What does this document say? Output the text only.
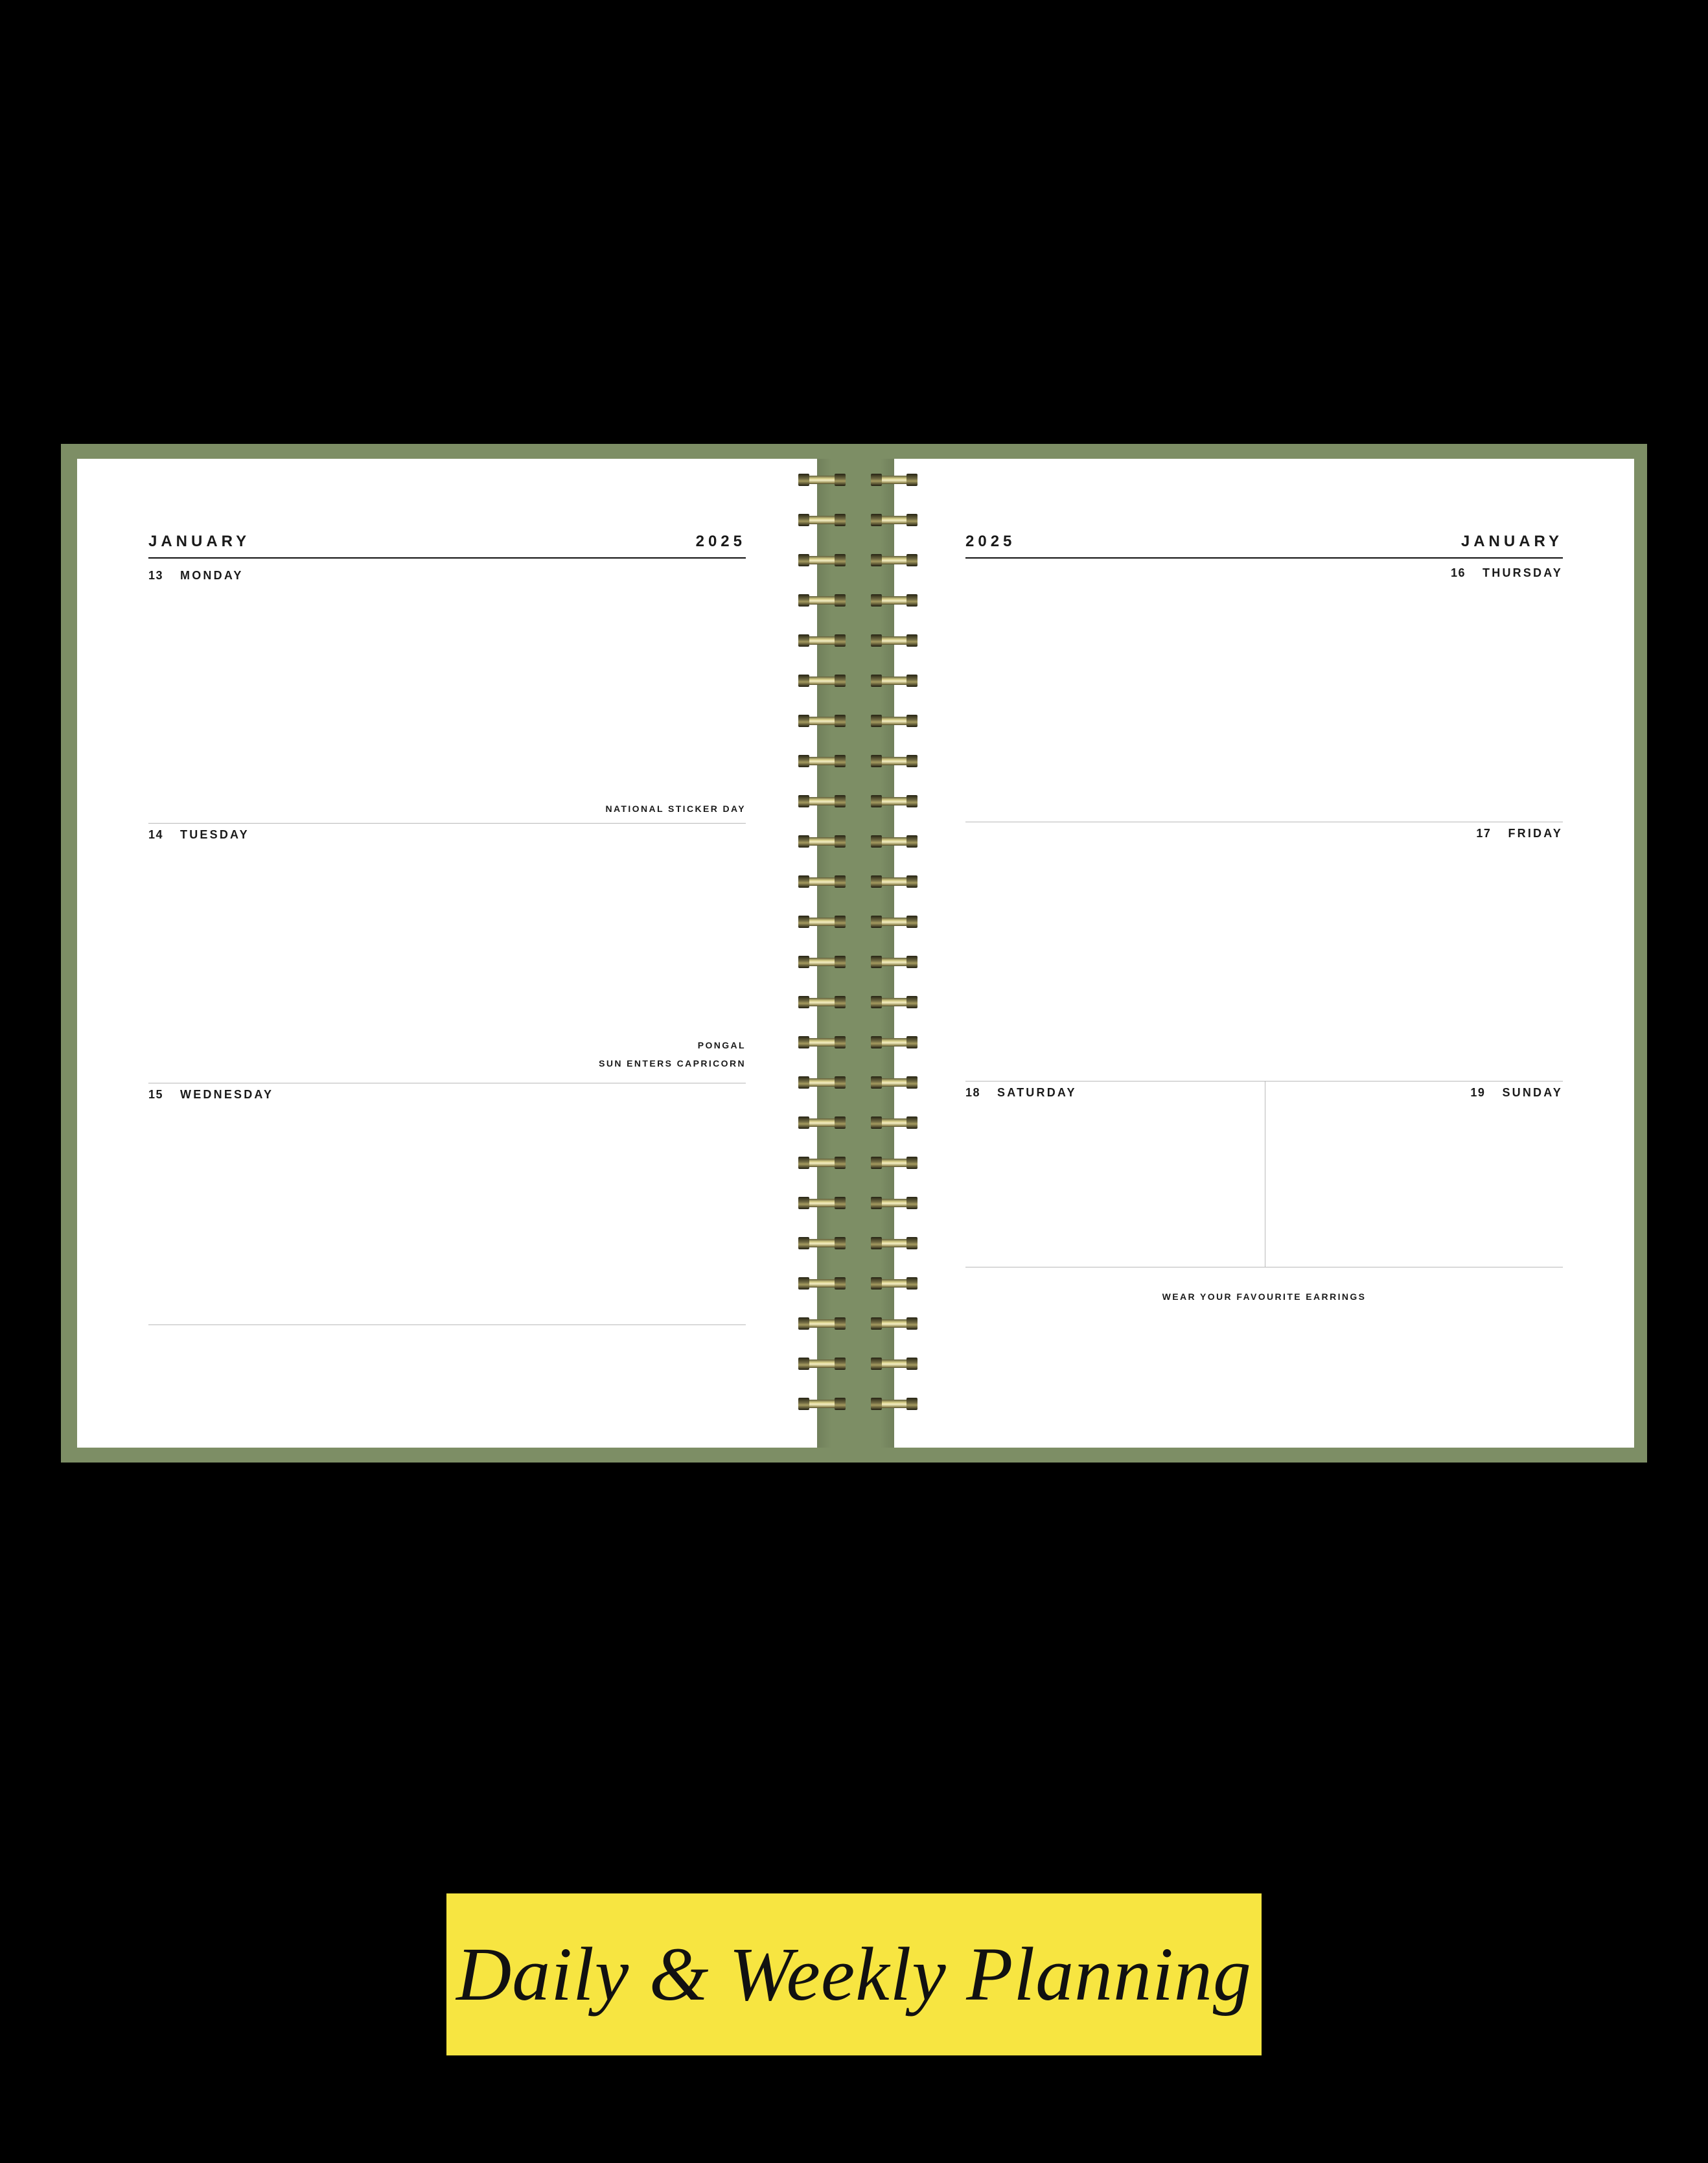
JANUARY	2025
13 MONDAY
NATIONAL STICKER DAY
14 TUESDAY
PONGAL
SUN ENTERS CAPRICORN
15 WEDNESDAY
2025	JANUARY
16 THURSDAY
17 FRIDAY
18 SATURDAY	19 SUNDAY
WEAR YOUR FAVOURITE EARRINGS
Daily & Weekly Planning
